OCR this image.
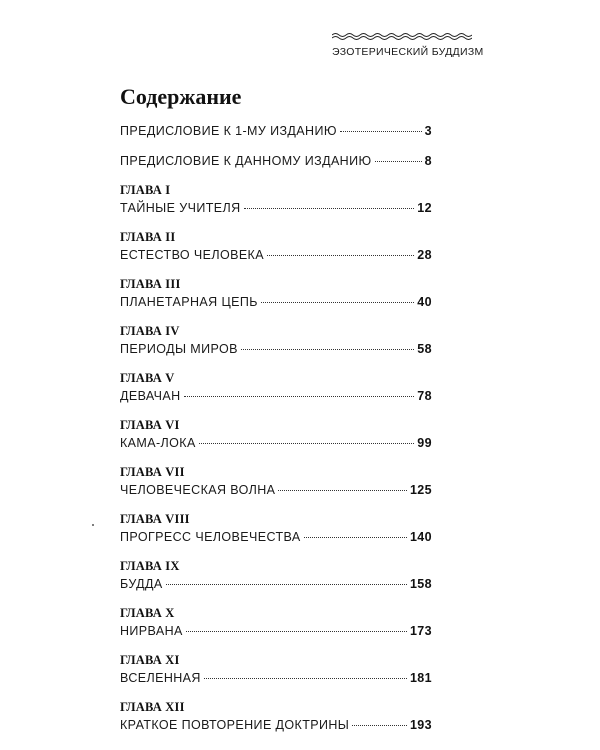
ЭЗОТЕРИЧЕСКИЙ БУДДИЗМ
Содержание
ПРЕДИСЛОВИЕ К 1-МУ ИЗДАНИЮ	3
ПРЕДИСЛОВИЕ К ДАННОМУ ИЗДАНИЮ	8
ГЛАВА I
ТАЙНЫЕ УЧИТЕЛЯ	12
ГЛАВА II
ЕСТЕСТВО ЧЕЛОВЕКА	28
ГЛАВА III
ПЛАНЕТАРНАЯ ЦЕПЬ	40
ГЛАВА IV
ПЕРИОДЫ МИРОВ	58
ГЛАВА V
ДЕВАЧАН	78
ГЛАВА VI
КАМА-ЛОКА	99
ГЛАВА VII
ЧЕЛОВЕЧЕСКАЯ ВОЛНА	125
ГЛАВА VIII
ПРОГРЕСС ЧЕЛОВЕЧЕСТВА	140
ГЛАВА IX
БУДДА	158
ГЛАВА X
НИРВАНА	173
ГЛАВА XI
ВСЕЛЕННАЯ	181
ГЛАВА XII
КРАТКОЕ ПОВТОРЕНИЕ ДОКТРИНЫ	193
